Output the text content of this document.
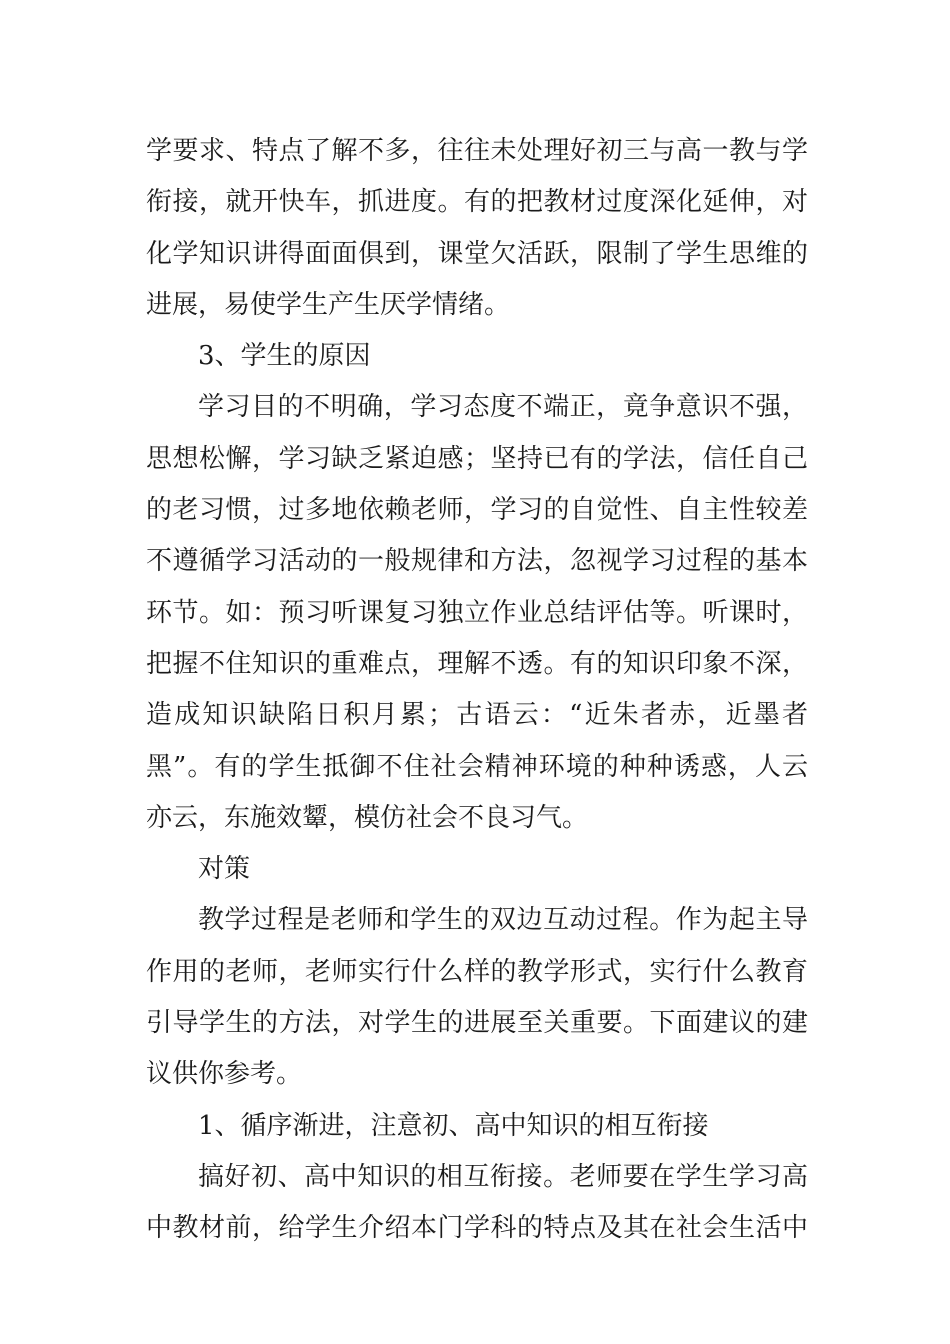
学要求、特点了解不多，往往未处理好初三与高一教与学
衔接，就开快车，抓进度。有的把教材过度深化延伸，对
化学知识讲得面面俱到，课堂欠活跃，限制了学生思维的
进展，易使学生产生厌学情绪。
3、学生的原因
学习目的不明确，学习态度不端正，竟争意识不强，
思想松懈，学习缺乏紧迫感；坚持已有的学法，信任自己
的老习惯，过多地依赖老师，学习的自觉性、自主性较差
不遵循学习活动的一般规律和方法，忽视学习过程的基本
环节。如：预习听课复习独立作业总结评估等。听课时，
把握不住知识的重难点，理解不透。有的知识印象不深，
造成知识缺陷日积月累；古语云：“近朱者赤，近墨者
黑”。有的学生抵御不住社会精神环境的种种诱惑，人云
亦云，东施效颦，模仿社会不良习气。
对策
教学过程是老师和学生的双边互动过程。作为起主导
作用的老师，老师实行什么样的教学形式，实行什么教育
引导学生的方法，对学生的进展至关重要。下面建议的建
议供你参考。
1、循序渐进，注意初、高中知识的相互衔接
搞好初、高中知识的相互衔接。老师要在学生学习高
中教材前，给学生介绍本门学科的特点及其在社会生活中
